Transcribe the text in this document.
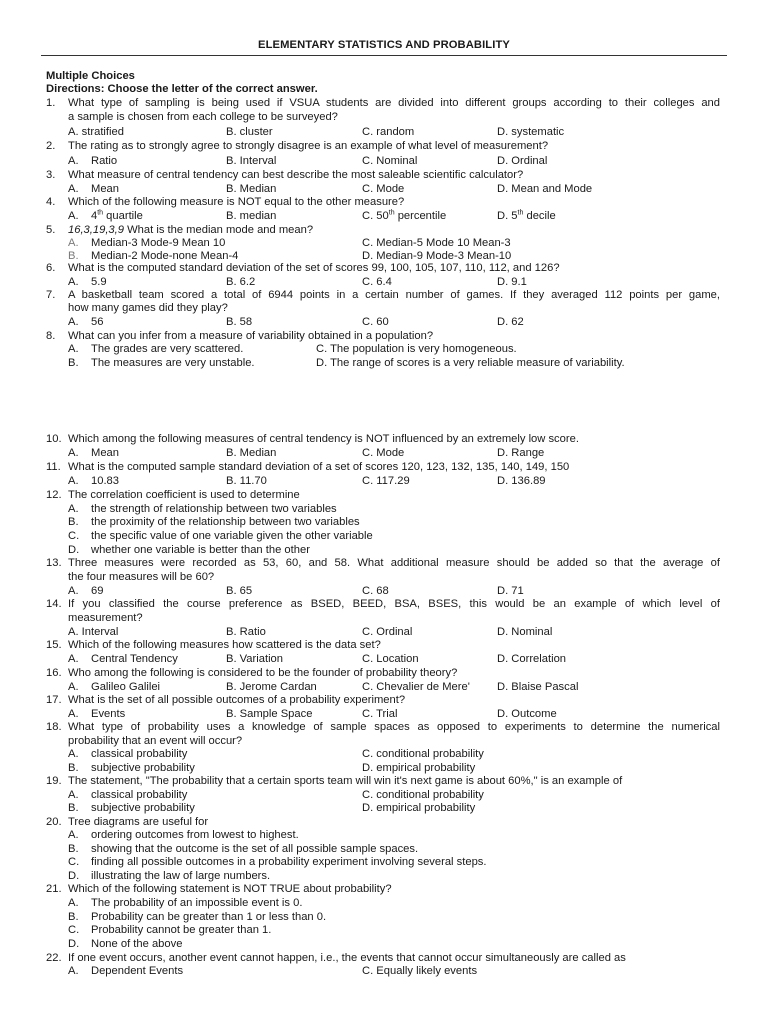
ELEMENTARY STATISTICS AND PROBABILITY
Multiple Choices
Directions: Choose the letter of the correct answer.
1. What type of sampling is being used if VSUA students are divided into different groups according to their colleges and
a sample is chosen from each college to be surveyed?
A. stratified	B. cluster	C. random	D. systematic
2. The rating as to strongly agree to strongly disagree is an example of what level of measurement?
A. Ratio	B. Interval	C. Nominal	D. Ordinal
3. What measure of central tendency can best describe the most saleable scientific calculator?
A. Mean	B. Median	C. Mode	D. Mean and Mode
4. Which of the following measure is NOT equal to the other measure?
A. 4th quartile	B. median	C. 50th percentile	D. 5th decile
5. 16,3,19,3,9 What is the median mode and mean?
A. Median-3 Mode-9 Mean 10	C. Median-5 Mode 10 Mean-3
B. Median-2 Mode-none Mean-4	D. Median-9 Mode-3 Mean-10
6. What is the computed standard deviation of the set of scores 99, 100, 105, 107, 110, 112, and 126?
A. 5.9	B. 6.2	C. 6.4	D. 9.1
7. A basketball team scored a total of 6944 points in a certain number of games. If they averaged 112 points per game,
how many games did they play?
A. 56	B. 58	C. 60	D. 62
8. What can you infer from a measure of variability obtained in a population?
A. The grades are very scattered.	C. The population is very homogeneous.
B. The measures are very unstable.	D. The range of scores is a very reliable measure of variability.
10. Which among the following measures of central tendency is NOT influenced by an extremely low score.
A. Mean	B. Median	C. Mode	D. Range
11. What is the computed sample standard deviation of a set of scores 120, 123, 132, 135, 140, 149, 150
A. 10.83	B. 11.70	C. 117.29	D. 136.89
12. The correlation coefficient is used to determine
A. the strength of relationship between two variables
B. the proximity of the relationship between two variables
C. the specific value of one variable given the other variable
D. whether one variable is better than the other
13. Three measures were recorded as 53, 60, and 58. What additional measure should be added so that the average of
the four measures will be 60?
A. 69	B. 65	C. 68	D. 71
14. If you classified the course preference as BSED, BEED, BSA, BSES, this would be an example of which level of
measurement?
A. Interval	B. Ratio	C. Ordinal	D. Nominal
15. Which of the following measures how scattered is the data set?
A. Central Tendency	B. Variation	C. Location	D. Correlation
16. Who among the following is considered to be the founder of probability theory?
A. Galileo Galilei	B. Jerome Cardan	C. Chevalier de Mere' D. Blaise Pascal
17. What is the set of all possible outcomes of a probability experiment?
A. Events	B. Sample Space	C. Trial	D. Outcome
18. What type of probability uses a knowledge of sample spaces as opposed to experiments to determine the numerical
probability that an event will occur?
A. classical probability	C. conditional probability
B. subjective probability	D. empirical probability
19. The statement, "The probability that a certain sports team will win it's next game is about 60%," is an example of
A. classical probability	C. conditional probability
B. subjective probability	D. empirical probability
20. Tree diagrams are useful for
A. ordering outcomes from lowest to highest.
B. showing that the outcome is the set of all possible sample spaces.
C. finding all possible outcomes in a probability experiment involving several steps.
D. illustrating the law of large numbers.
21. Which of the following statement is NOT TRUE about probability?
A. The probability of an impossible event is 0.
B. Probability can be greater than 1 or less than 0.
C. Probability cannot be greater than 1.
D. None of the above
22. If one event occurs, another event cannot happen, i.e., the events that cannot occur simultaneously are called as
A. Dependent Events	C. Equally likely events
